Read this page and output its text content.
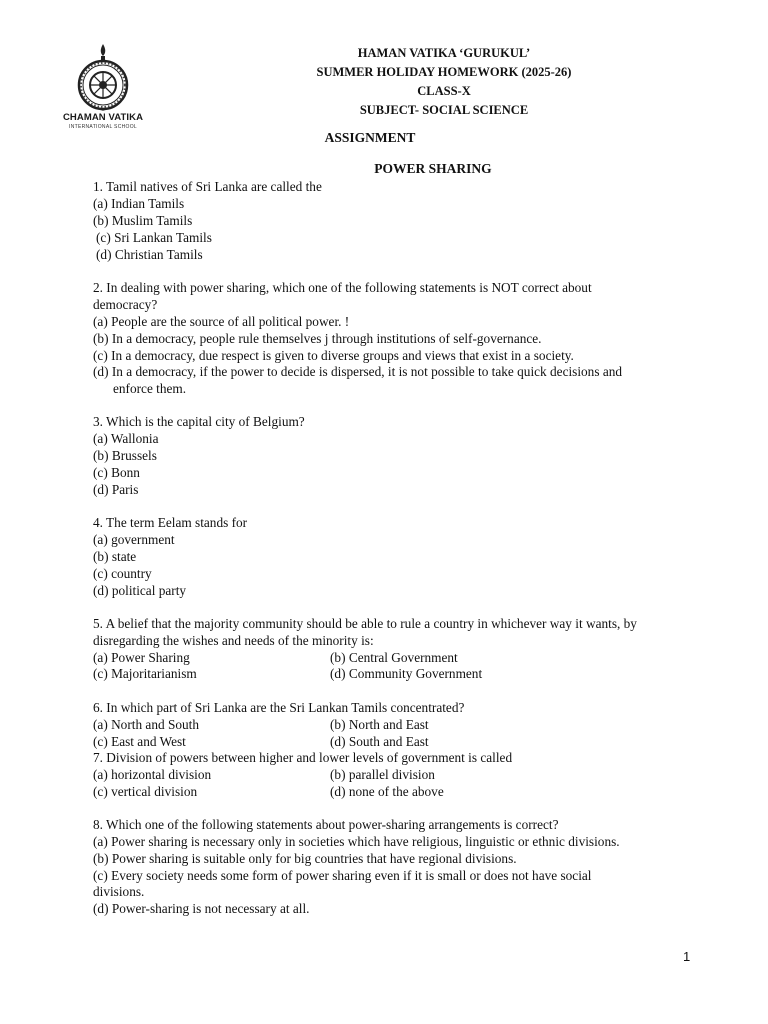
CHAMAN VATIKA
INTERNATIONAL SCHOOL
HAMAN VATIKA ‘GURUKUL’
SUMMER HOLIDAY HOMEWORK (2025-26)
CLASS-X
SUBJECT- SOCIAL SCIENCE
ASSIGNMENT
POWER SHARING
1. Tamil natives of Sri Lanka are called the
(a) Indian Tamils
(b) Muslim Tamils
(c) Sri Lankan Tamils
(d) Christian Tamils
2. In dealing with power sharing, which one of the following statements is NOT correct about
democracy?
(a) People are the source of all political power. !
(b) In a democracy, people rule themselves j through institutions of self-governance.
(c) In a democracy, due respect is given to diverse groups and views that exist in a society.
(d) In a democracy, if the power to decide is dispersed, it is not possible to take quick decisions and
enforce them.
3. Which is the capital city of Belgium?
(a) Wallonia
(b) Brussels
(c) Bonn
(d) Paris
4. The term Eelam stands for
(a) government
(b) state
(c) country
(d) political party
5. A belief that the majority community should be able to rule a country in whichever way it wants, by
disregarding the wishes and needs of the minority is:
(a) Power Sharing	(b) Central Government
(c) Majoritarianism	(d) Community Government
6. In which part of Sri Lanka are the Sri Lankan Tamils concentrated?
(a) North and South	(b) North and East
(c) East and West	(d) South and East
7. Division of powers between higher and lower levels of government is called
(a) horizontal division	(b) parallel division
(c) vertical division	(d) none of the above
8. Which one of the following statements about power-sharing arrangements is correct?
(a) Power sharing is necessary only in societies which have religious, linguistic or ethnic divisions.
(b) Power sharing is suitable only for big countries that have regional divisions.
(c) Every society needs some form of power sharing even if it is small or does not have social
divisions.
(d) Power-sharing is not necessary at all.
1
